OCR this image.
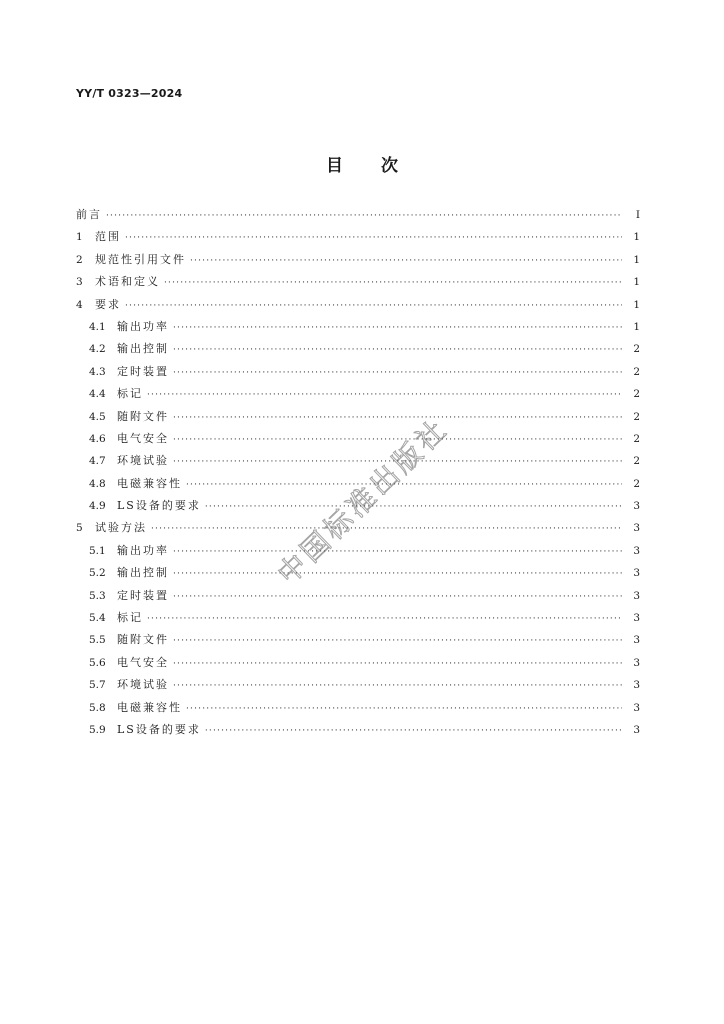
YY/T 0323—2024
目次
前言 ·····	Ⅰ
1	范围 ·····	1
2	规范性引用文件 ·····	1
3	术语和定义 ·····	1
4	要求 ·····	1
4.1	输出功率 ·····	1
4.2	输出控制 ·····	2
4.3	定时装置 ·····	2
4.4	标记 ·····	2
4.5	随附文件 ·····	2
4.6	电气安全 ·····	2
4.7	环境试验 ·····	2
4.8	电磁兼容性 ·····	2
4.9	LS设备的要求 ·····	3
5	试验方法 ·····	3
5.1	输出功率 ·····	3
5.2	输出控制 ·····	3
5.3	定时装置 ·····	3
5.4	标记 ·····	3
5.5	随附文件 ·····	3
5.6	电气安全 ·····	3
5.7	环境试验 ·····	3
5.8	电磁兼容性 ·····	3
5.9	LS设备的要求 ·····	3
中国标准出版社
